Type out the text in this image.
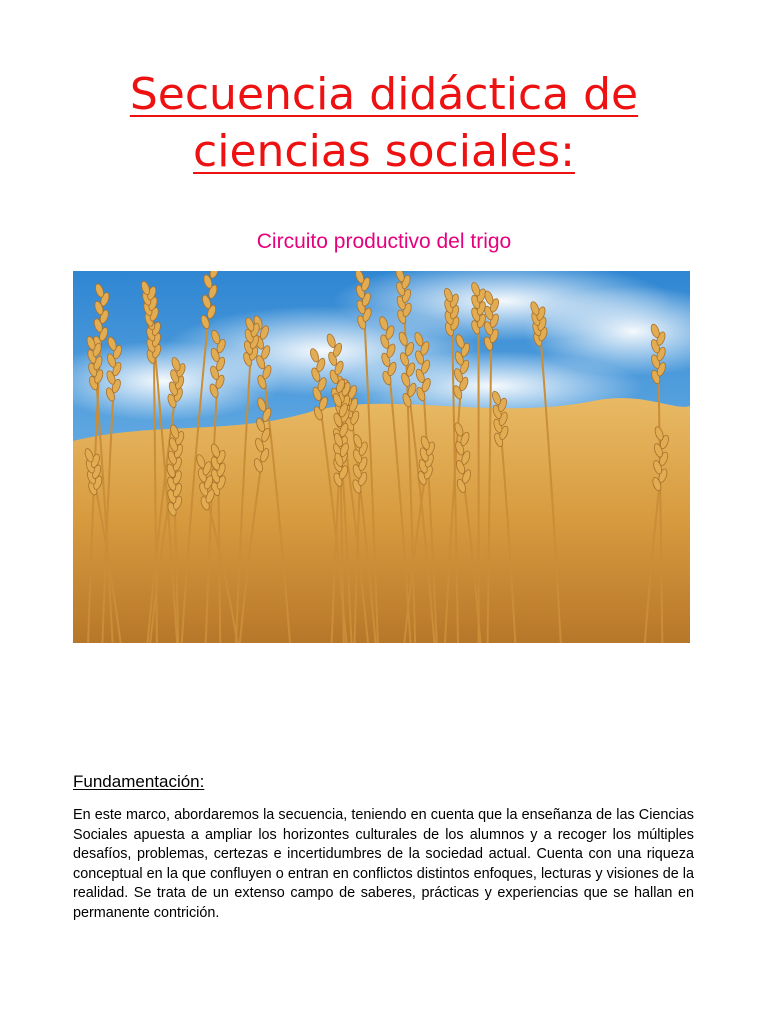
Secuencia didáctica de
ciencias sociales:
Circuito productivo del trigo
Fundamentación:
En este marco, abordaremos la secuencia, teniendo en cuenta que la enseñanza de las Ciencias Sociales apuesta a ampliar los horizontes culturales de los alumnos y a recoger los múltiples desafíos, problemas, certezas e incertidumbres de la sociedad actual. Cuenta con una riqueza conceptual en la que confluyen o entran en conflictos distintos enfoques, lecturas y visiones de la realidad. Se trata de un extenso campo de saberes, prácticas y experiencias que se hallan en permanente contrición.
